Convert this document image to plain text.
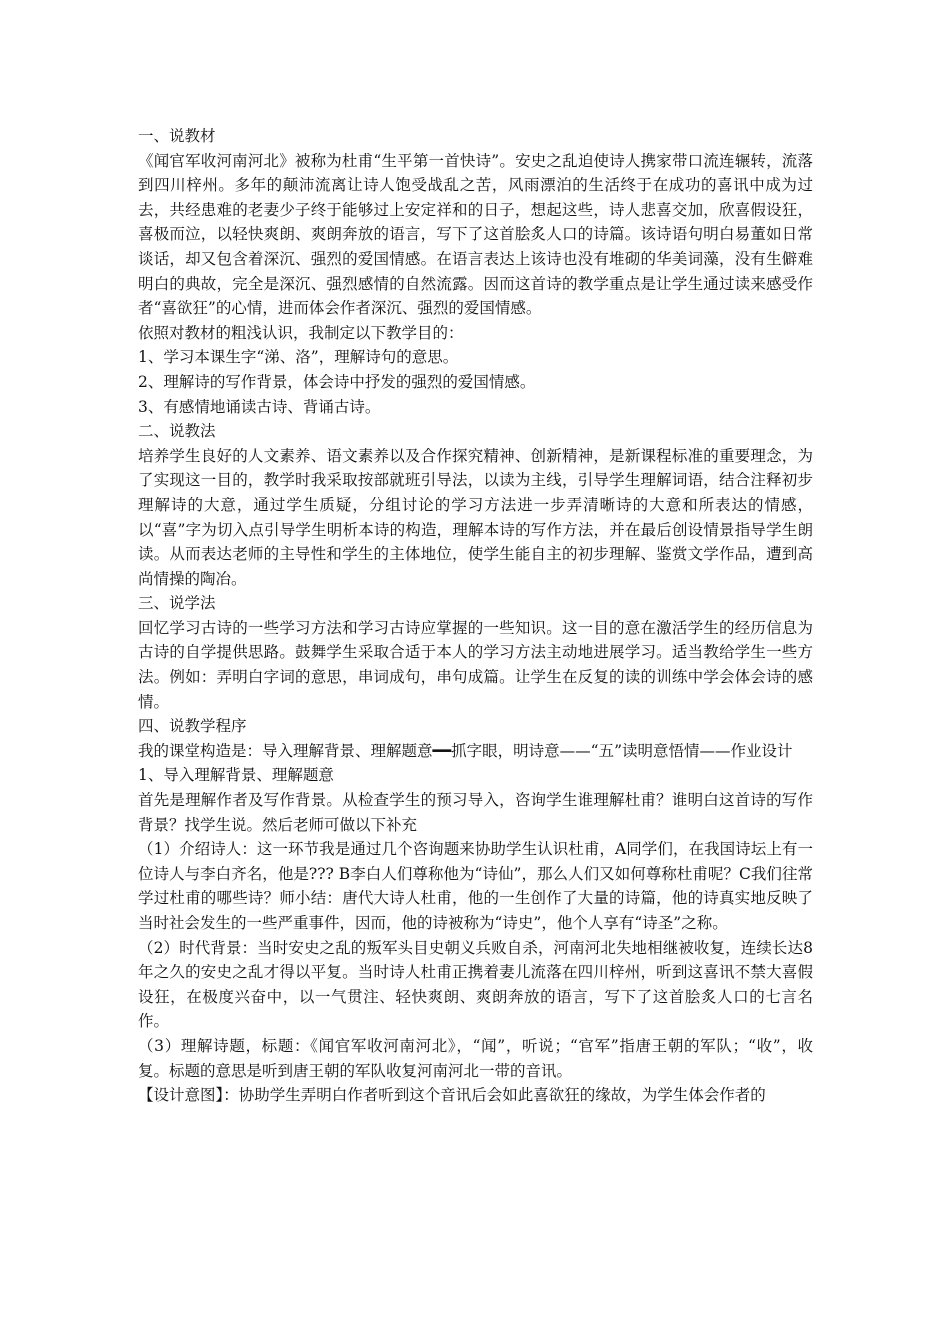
一、说教材

《闻官军收河南河北》被称为杜甫“生平第一首快诗”。安史之乱迫使诗人携家带口流连辗转，流落到四川梓州。多年的颠沛流离让诗人饱受战乱之苦，风雨漂泊的生活终于在成功的喜讯中成为过去，共经患难的老妻少子终于能够过上安定祥和的日子，想起这些，诗人悲喜交加，欣喜假设狂，喜极而泣，以轻快爽朗、爽朗奔放的语言，写下了这首脍炙人口的诗篇。该诗语句明白易董如日常谈话，却又包含着深沉、强烈的爱国情感。在语言表达上该诗也没有堆砌的华美词藻，没有生僻难明白的典故，完全是深沉、强烈感情的自然流露。因而这首诗的教学重点是让学生通过读来感受作者“喜欲狂”的心情，进而体会作者深沉、强烈的爱国情感。

依照对教材的粗浅认识，我制定以下教学目的：

1、学习本课生字“涕、洛”，理解诗句的意思。

2、理解诗的写作背景，体会诗中抒发的强烈的爱国情感。

3、有感情地诵读古诗、背诵古诗。

二、说教法

培养学生良好的人文素养、语文素养以及合作探究精神、创新精神，是新课程标准的重要理念，为了实现这一目的，教学时我采取按部就班引导法，以读为主线，引导学生理解词语，结合注释初步理解诗的大意，通过学生质疑，分组讨论的学习方法进一步弄清晰诗的大意和所表达的情感，以“喜”字为切入点引导学生明析本诗的构造，理解本诗的写作方法，并在最后创设情景指导学生朗读。从而表达老师的主导性和学生的主体地位，使学生能自主的初步理解、鉴赏文学作品，遭到高尚情操的陶冶。

三、说学法

回忆学习古诗的一些学习方法和学习古诗应掌握的一些知识。这一目的意在激活学生的经历信息为古诗的自学提供思路。鼓舞学生采取合适于本人的学习方法主动地进展学习。适当教给学生一些方法。例如：弄明白字词的意思，串词成句，串句成篇。让学生在反复的读的训练中学会体会诗的感情。

四、说教学程序

我的课堂构造是：导入理解背景、理解题意━━抓字眼，明诗意——“五”读明意悟情——作业设计

1、导入理解背景、理解题意

首先是理解作者及写作背景。从检查学生的预习导入，咨询学生谁理解杜甫？谁明白这首诗的写作背景？找学生说。然后老师可做以下补充

（1）介绍诗人：这一环节我是通过几个咨询题来协助学生认识杜甫，A同学们，在我国诗坛上有一位诗人与李白齐名，他是??? B李白人们尊称他为“诗仙”，那么人们又如何尊称杜甫呢？C我们往常学过杜甫的哪些诗？师小结：唐代大诗人杜甫，他的一生创作了大量的诗篇，他的诗真实地反映了当时社会发生的一些严重事件，因而，他的诗被称为“诗史”，他个人享有“诗圣”之称。

（2）时代背景：当时安史之乱的叛军头目史朝义兵败自杀，河南河北失地相继被收复，连续长达8年之久的安史之乱才得以平复。当时诗人杜甫正携着妻儿流落在四川梓州，听到这喜讯不禁大喜假设狂，在极度兴奋中，以一气贯注、轻快爽朗、爽朗奔放的语言，写下了这首脍炙人口的七言名作。

（3）理解诗题，标题：《闻官军收河南河北》，“闻”，听说；“官军”指唐王朝的军队；“收”，收复。标题的意思是听到唐王朝的军队收复河南河北一带的音讯。

【设计意图】：协助学生弄明白作者听到这个音讯后会如此喜欲狂的缘故，为学生体会作者的
